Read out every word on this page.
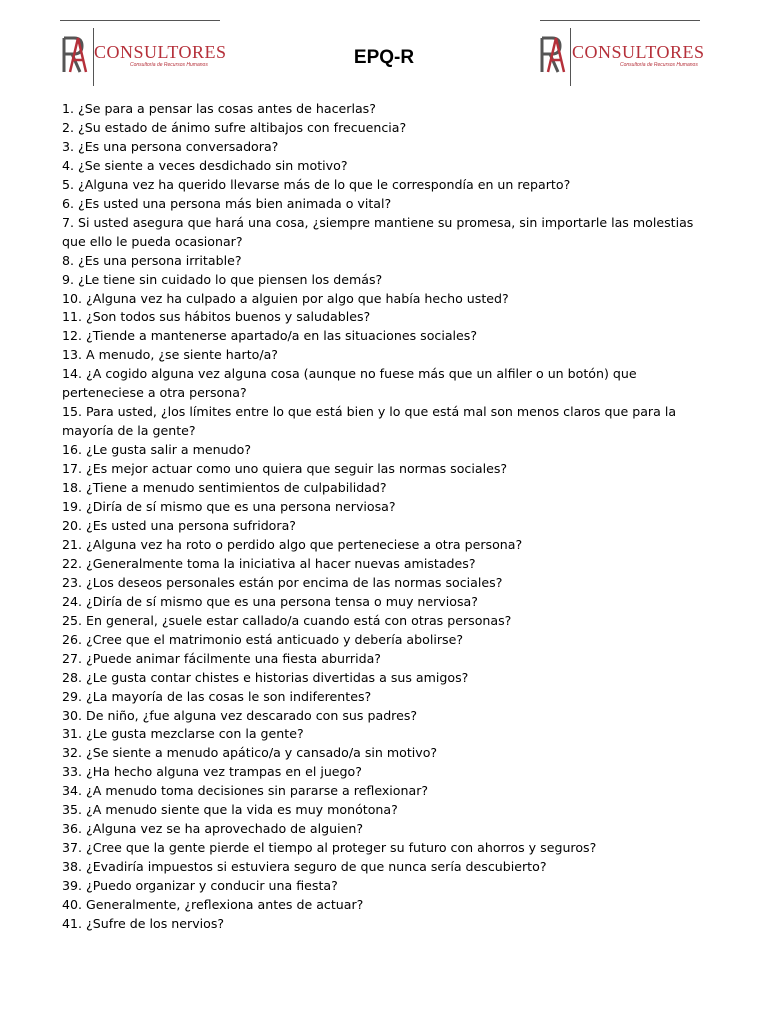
CONSULTORES
Consultoría de Recursos Humanos	EPQ-R	CONSULTORES
Consultoría de Recursos Humanos
1. ¿Se para a pensar las cosas antes de hacerlas?
2. ¿Su estado de ánimo sufre altibajos con frecuencia?
3. ¿Es una persona conversadora?
4. ¿Se siente a veces desdichado sin motivo?
5. ¿Alguna vez ha querido llevarse más de lo que le correspondía en un reparto?
6. ¿Es usted una persona más bien animada o vital?
7. Si usted asegura que hará una cosa, ¿siempre mantiene su promesa, sin importarle las molestias que ello le pueda ocasionar?
8. ¿Es una persona irritable?
9. ¿Le tiene sin cuidado lo que piensen los demás?
10. ¿Alguna vez ha culpado a alguien por algo que había hecho usted?
11. ¿Son todos sus hábitos buenos y saludables?
12. ¿Tiende a mantenerse apartado/a en las situaciones sociales?
13. A menudo, ¿se siente harto/a?
14. ¿A cogido alguna vez alguna cosa (aunque no fuese más que un alfiler o un botón) que perteneciese a otra persona?
15. Para usted, ¿los límites entre lo que está bien y lo que está mal son menos claros que para la mayoría de la gente?
16. ¿Le gusta salir a menudo?
17. ¿Es mejor actuar como uno quiera que seguir las normas sociales?
18. ¿Tiene a menudo sentimientos de culpabilidad?
19. ¿Diría de sí mismo que es una persona nerviosa?
20. ¿Es usted una persona sufridora?
21. ¿Alguna vez ha roto o perdido algo que perteneciese a otra persona?
22. ¿Generalmente toma la iniciativa al hacer nuevas amistades?
23. ¿Los deseos personales están por encima de las normas sociales?
24. ¿Diría de sí mismo que es una persona tensa o muy nerviosa?
25. En general, ¿suele estar callado/a cuando está con otras personas?
26. ¿Cree que el matrimonio está anticuado y debería abolirse?
27. ¿Puede animar fácilmente una fiesta aburrida?
28. ¿Le gusta contar chistes e historias divertidas a sus amigos?
29. ¿La mayoría de las cosas le son indiferentes?
30. De niño, ¿fue alguna vez descarado con sus padres?
31. ¿Le gusta mezclarse con la gente?
32. ¿Se siente a menudo apático/a y cansado/a sin motivo?
33. ¿Ha hecho alguna vez trampas en el juego?
34. ¿A menudo toma decisiones sin pararse a reflexionar?
35. ¿A menudo siente que la vida es muy monótona?
36. ¿Alguna vez se ha aprovechado de alguien?
37. ¿Cree que la gente pierde el tiempo al proteger su futuro con ahorros y seguros?
38. ¿Evadiría impuestos si estuviera seguro de que nunca sería descubierto?
39. ¿Puedo organizar y conducir una fiesta?
40. Generalmente, ¿reflexiona antes de actuar?
41. ¿Sufre de los nervios?
